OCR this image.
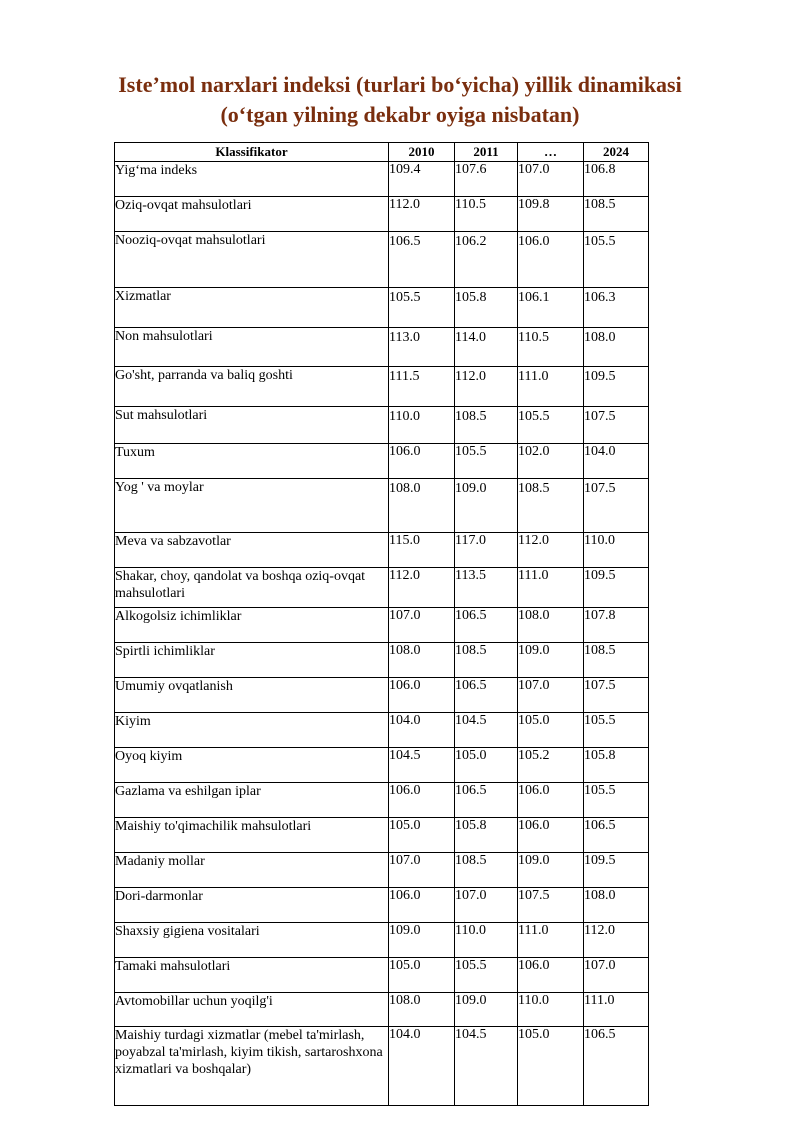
Iste’mol narxlari indeksi (turlari bo‘yicha) yillik dinamikasi
(o‘tgan yilning dekabr oyiga nisbatan)
Klassifikator	2010	2011	…	2024
Yig‘ma indeks	109.4	107.6	107.0	106.8
Oziq-ovqat mahsulotlari	112.0	110.5	109.8	108.5
Nooziq-ovqat mahsulotlari	106.5	106.2	106.0	105.5
Xizmatlar	105.5	105.8	106.1	106.3
Non mahsulotlari	113.0	114.0	110.5	108.0
Go'sht, parranda va baliq goshti	111.5	112.0	111.0	109.5
Sut mahsulotlari	110.0	108.5	105.5	107.5
Tuxum	106.0	105.5	102.0	104.0
Yog ' va moylar	108.0	109.0	108.5	107.5
Meva va sabzavotlar	115.0	117.0	112.0	110.0
Shakar, choy, qandolat va boshqa oziq-ovqat mahsulotlari	112.0	113.5	111.0	109.5
Alkogolsiz ichimliklar	107.0	106.5	108.0	107.8
Spirtli ichimliklar	108.0	108.5	109.0	108.5
Umumiy ovqatlanish	106.0	106.5	107.0	107.5
Kiyim	104.0	104.5	105.0	105.5
Oyoq kiyim	104.5	105.0	105.2	105.8
Gazlama va eshilgan iplar	106.0	106.5	106.0	105.5
Maishiy to'qimachilik mahsulotlari	105.0	105.8	106.0	106.5
Madaniy mollar	107.0	108.5	109.0	109.5
Dori-darmonlar	106.0	107.0	107.5	108.0
Shaxsiy gigiena vositalari	109.0	110.0	111.0	112.0
Tamaki mahsulotlari	105.0	105.5	106.0	107.0
Avtomobillar uchun yoqilg'i	108.0	109.0	110.0	111.0
Maishiy turdagi xizmatlar (mebel ta'mirlash, poyabzal ta'mirlash, kiyim tikish, sartaroshxona xizmatlari va boshqalar)	104.0	104.5	105.0	106.5
